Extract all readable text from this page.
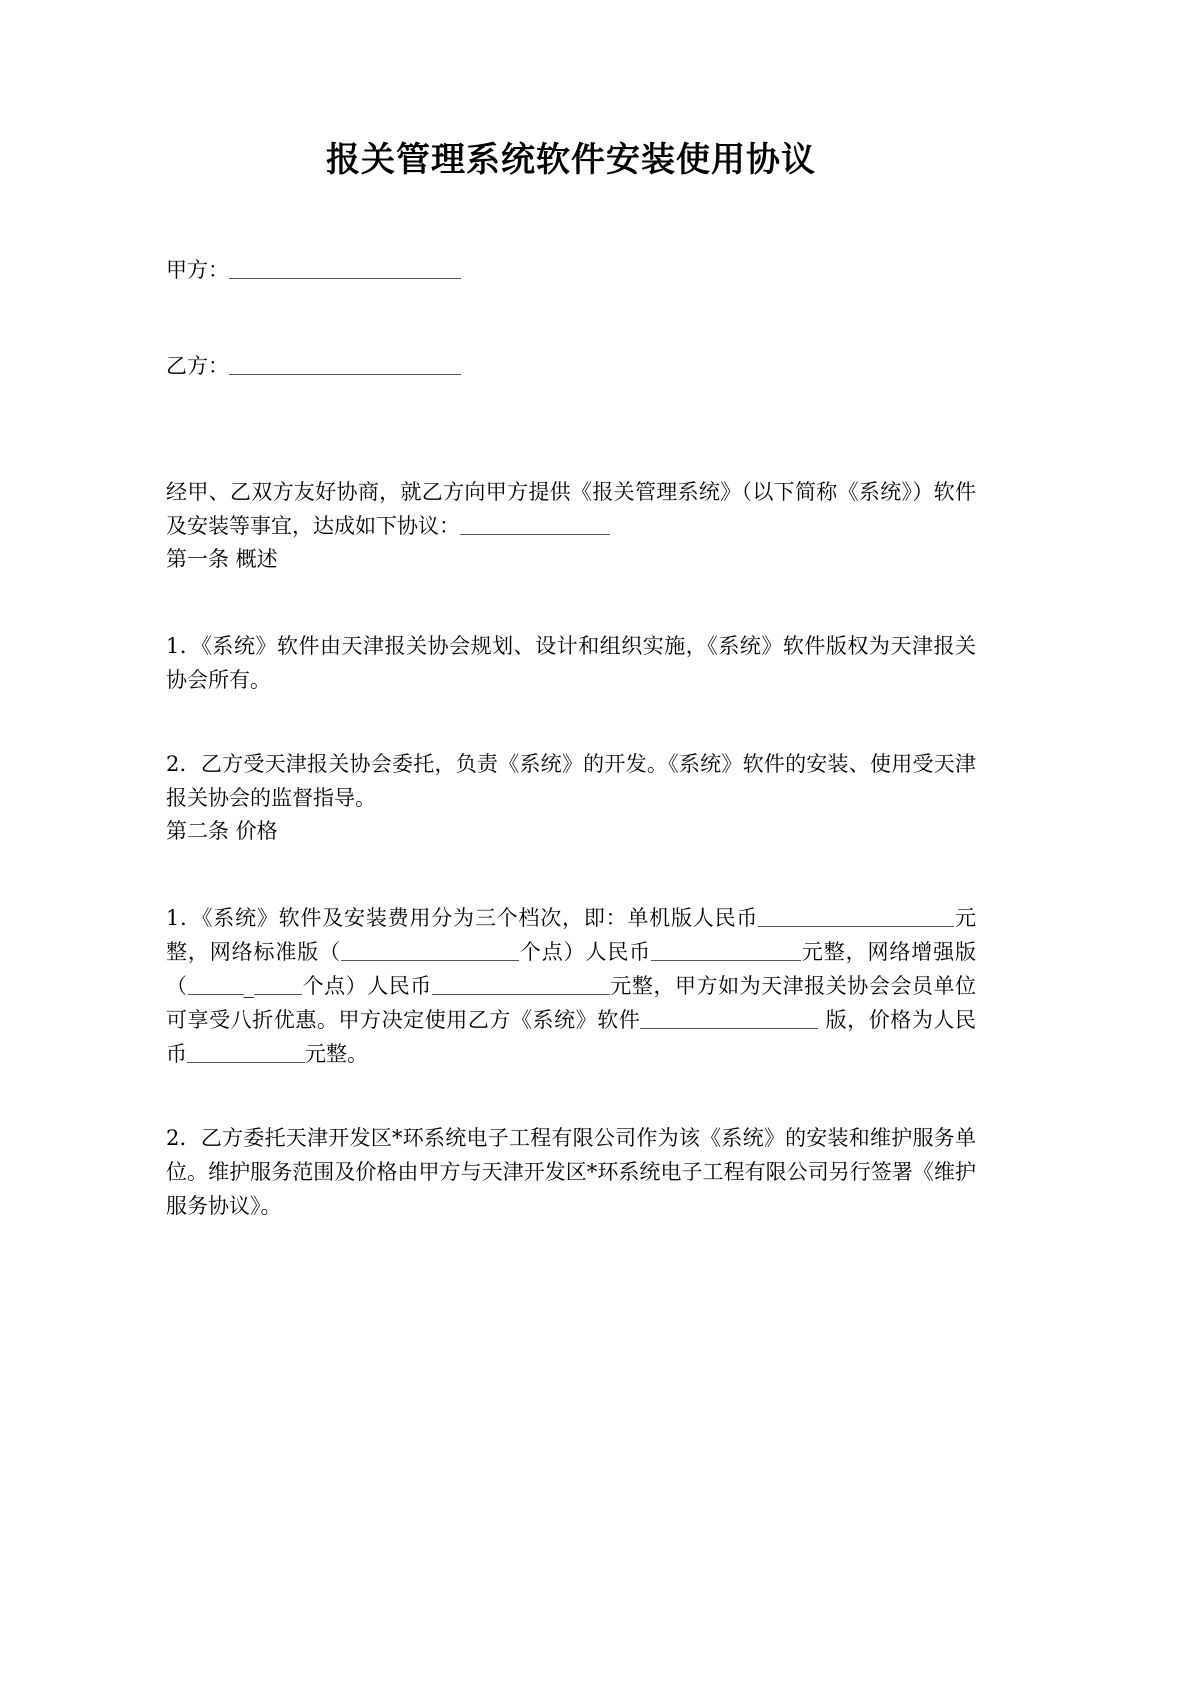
报关管理系统软件安装使用协议
甲方：
乙方：

经甲、乙双方友好协商，就乙方向甲方提供《报关管理系统》（以下简称《系统》）软件及安装等事宜，达成如下协议：

第一条 概述

1．《系统》软件由天津报关协会规划、设计和组织实施，《系统》软件版权为天津报关协会所有。

2．乙方受天津报关协会委托，负责《系统》的开发。《系统》软件的安装、使用受天津报关协会的监督指导。

第二条 价格

1．《系统》软件及安装费用分为三个档次，即：单机版人民币	元整，网络标准版（	个点）人民币	元整，网络增强版（	_ 个点）人民币	元整，甲方如为天津报关协会会员单位可享受八折优惠。甲方决定使用乙方《系统》软件	版，价格为人民币	元整。

2．乙方委托天津开发区*环系统电子工程有限公司作为该《系统》的安装和维护服务单位。维护服务范围及价格由甲方与天津开发区*环系统电子工程有限公司另行签署《维护服务协议》。
